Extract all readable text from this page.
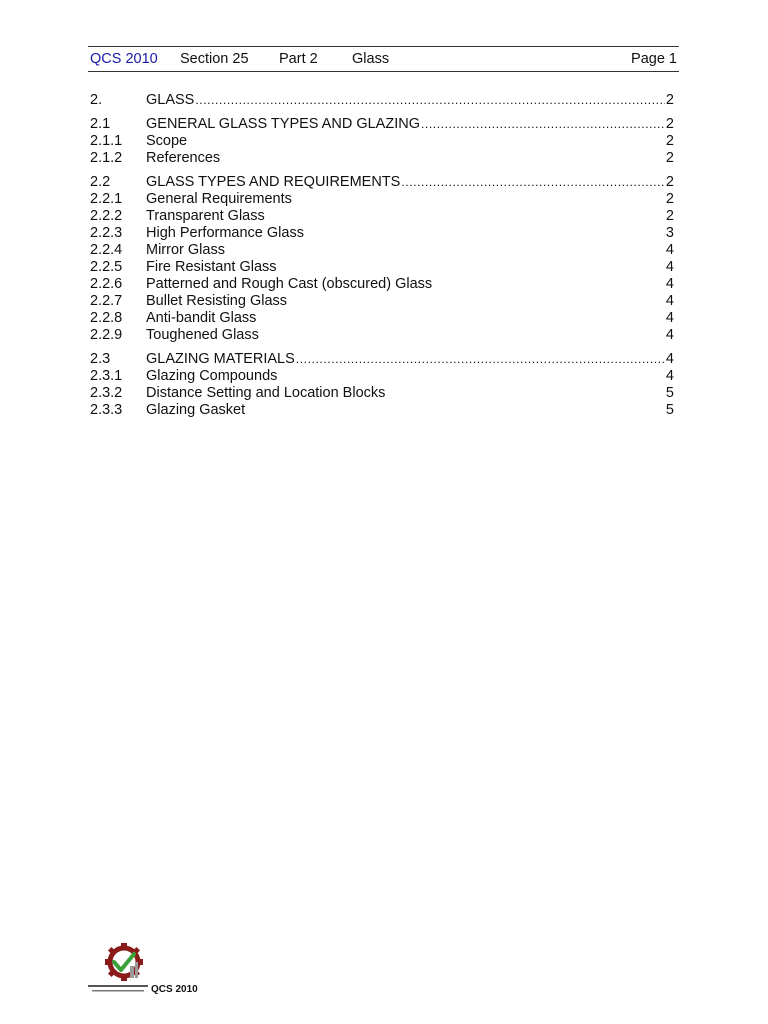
QCS 2010 Section 25 Part 2 Glass	Page 1
2.	GLASS .....	2
2.1 GENERAL GLASS TYPES AND GLAZING .....	2
2.1.1 Scope	2
2.1.2 References	2
2.2 GLASS TYPES AND REQUIREMENTS .....	2
2.2.1 General Requirements	2
2.2.2 Transparent Glass	2
2.2.3 High Performance Glass	3
2.2.4 Mirror Glass	4
2.2.5 Fire Resistant Glass	4
2.2.6 Patterned and Rough Cast (obscured) Glass	4
2.2.7 Bullet Resisting Glass	4
2.2.8 Anti-bandit Glass	4
2.2.9 Toughened Glass	4
2.3 GLAZING MATERIALS .....	4
2.3.1 Glazing Compounds	4
2.3.2 Distance Setting and Location Blocks	5
2.3.3 Glazing Gasket	5
QCS 2010
